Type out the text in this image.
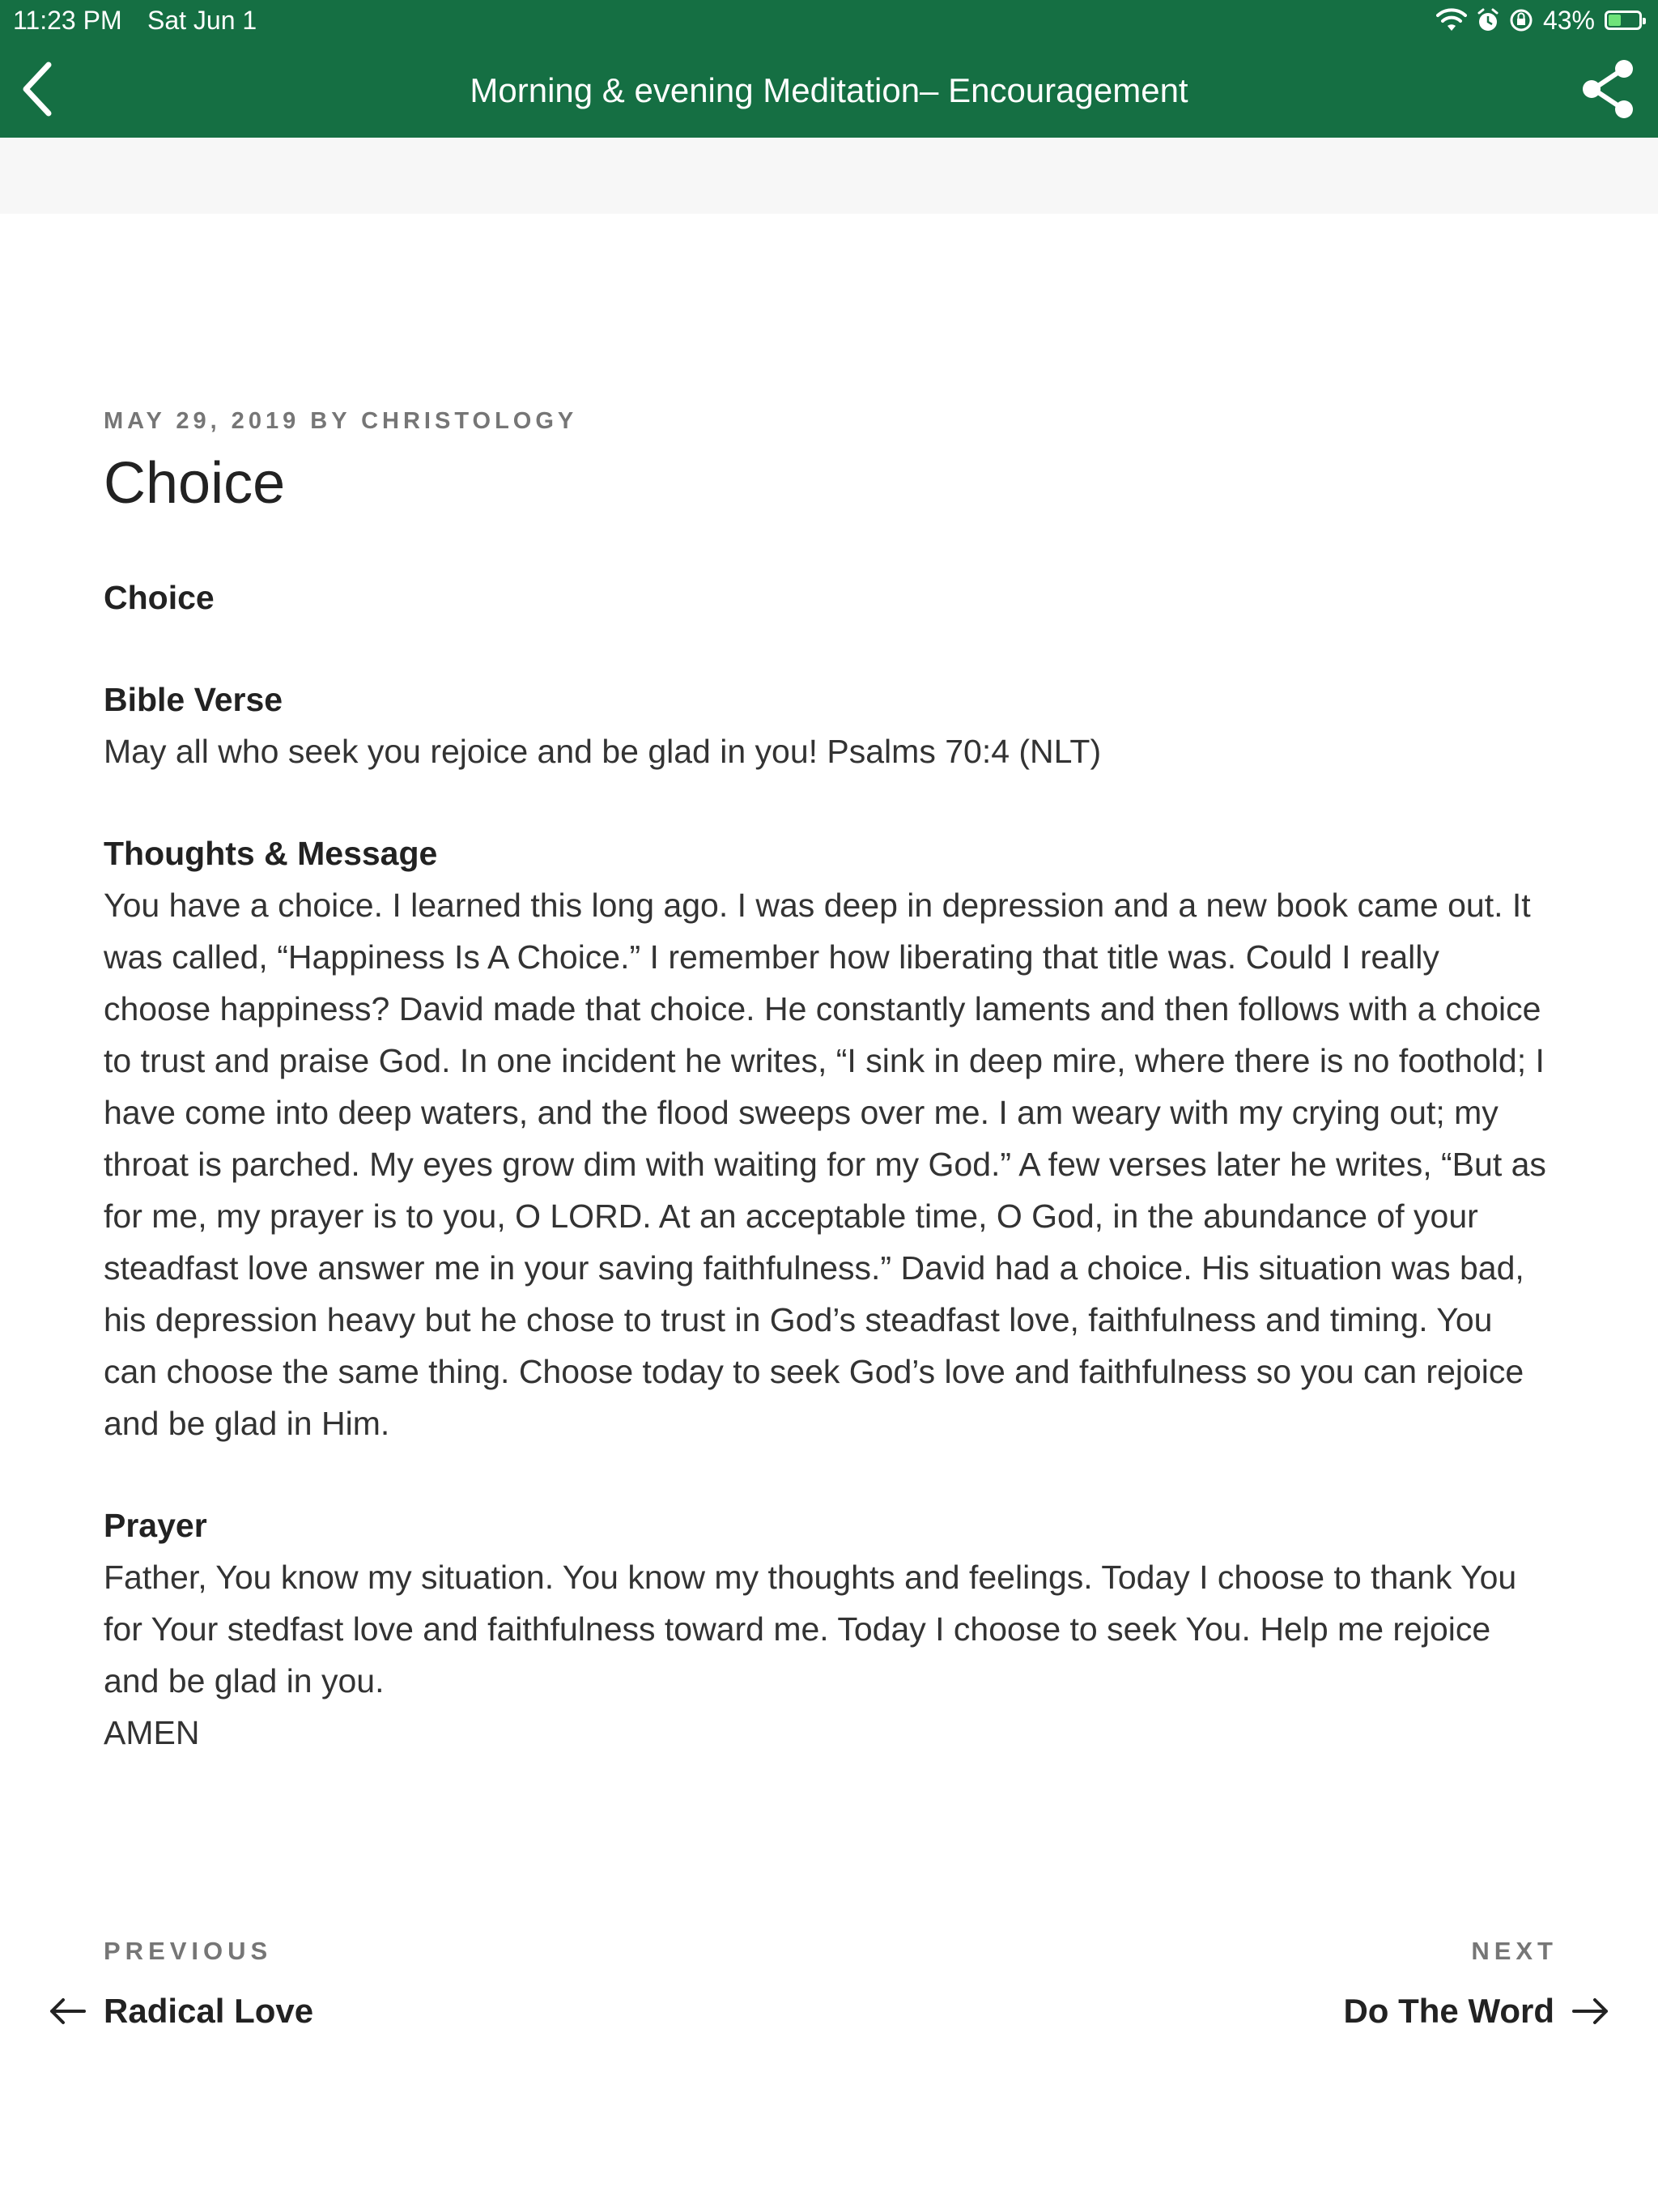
11:23 PM Sat Jun 1	43%
Morning & evening Meditation– Encouragement
MAY 29, 2019 BY CHRISTOLOGY
Choice
Choice
Bible Verse
May all who seek you rejoice and be glad in you! Psalms 70:4 (NLT)
Thoughts & Message
You have a choice. I learned this long ago. I was deep in depression and a new book came out. It was called, “Happiness Is A Choice.” I remember how liberating that title was. Could I really choose happiness? David made that choice. He constantly laments and then follows with a choice to trust and praise God. In one incident he writes, “I sink in deep mire, where there is no foothold; I have come into deep waters, and the flood sweeps over me. I am weary with my crying out; my throat is parched. My eyes grow dim with waiting for my God.” A few verses later he writes, “But as for me, my prayer is to you, O LORD. At an acceptable time, O God, in the abundance of your steadfast love answer me in your saving faithfulness.” David had a choice. His situation was bad, his depression heavy but he chose to trust in God’s steadfast love, faithfulness and timing. You can choose the same thing. Choose today to seek God’s love and faithfulness so you can rejoice and be glad in Him.
Prayer
Father, You know my situation. You know my thoughts and feelings. Today I choose to thank You for Your stedfast love and faithfulness toward me. Today I choose to seek You. Help me rejoice and be glad in you.
AMEN
PREVIOUS
Radical Love
NEXT
Do The Word
